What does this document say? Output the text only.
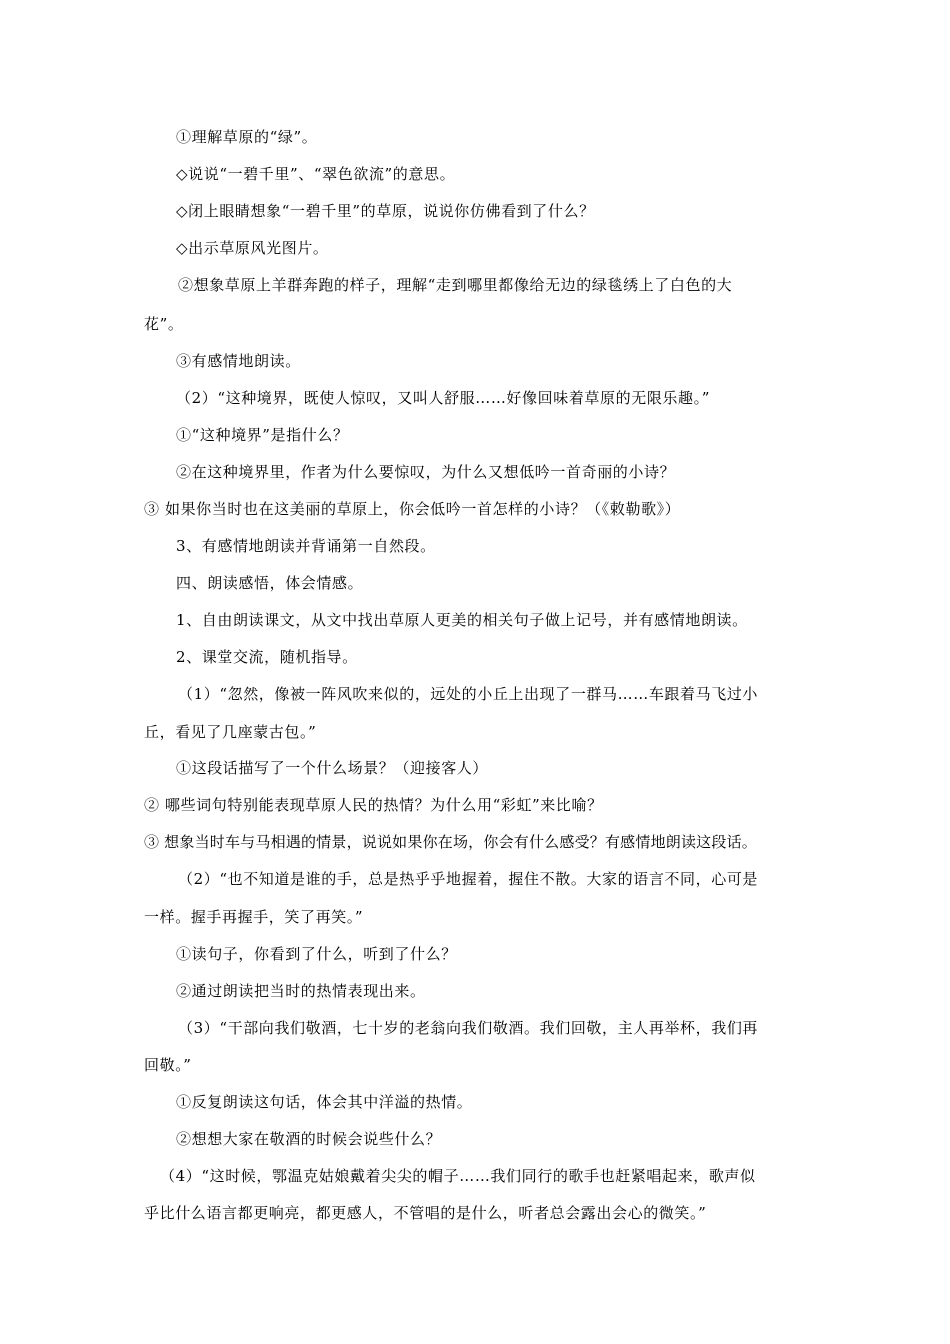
①理解草原的“绿”。
◇说说“一碧千里”、“翠色欲流”的意思。
◇闭上眼睛想象“一碧千里”的草原，说说你仿佛看到了什么？
◇出示草原风光图片。
②想象草原上羊群奔跑的样子，理解“走到哪里都像给无边的绿毯绣上了白色的大
花”。
③有感情地朗读。
（2）“这种境界，既使人惊叹，又叫人舒服……好像回味着草原的无限乐趣。”
①“这种境界”是指什么？
②在这种境界里，作者为什么要惊叹，为什么又想低吟一首奇丽的小诗？
③ 如果你当时也在这美丽的草原上，你会低吟一首怎样的小诗？（《敕勒歌》）
3、有感情地朗读并背诵第一自然段。
四、朗读感悟，体会情感。
1、自由朗读课文，从文中找出草原人更美的相关句子做上记号，并有感情地朗读。
2、课堂交流，随机指导。
（1）“忽然，像被一阵风吹来似的，远处的小丘上出现了一群马……车跟着马飞过小
丘，看见了几座蒙古包。”
①这段话描写了一个什么场景？（迎接客人）
② 哪些词句特别能表现草原人民的热情？为什么用“彩虹”来比喻？
③ 想象当时车与马相遇的情景，说说如果你在场，你会有什么感受？有感情地朗读这段话。
（2）“也不知道是谁的手，总是热乎乎地握着，握住不散。大家的语言不同，心可是
一样。握手再握手，笑了再笑。”
①读句子，你看到了什么，听到了什么？
②通过朗读把当时的热情表现出来。
（3）“干部向我们敬酒，七十岁的老翁向我们敬酒。我们回敬，主人再举杯，我们再
回敬。”
①反复朗读这句话，体会其中洋溢的热情。
②想想大家在敬酒的时候会说些什么？
（4）“这时候，鄂温克姑娘戴着尖尖的帽子……我们同行的歌手也赶紧唱起来，歌声似
乎比什么语言都更响亮，都更感人，不管唱的是什么，听者总会露出会心的微笑。”
